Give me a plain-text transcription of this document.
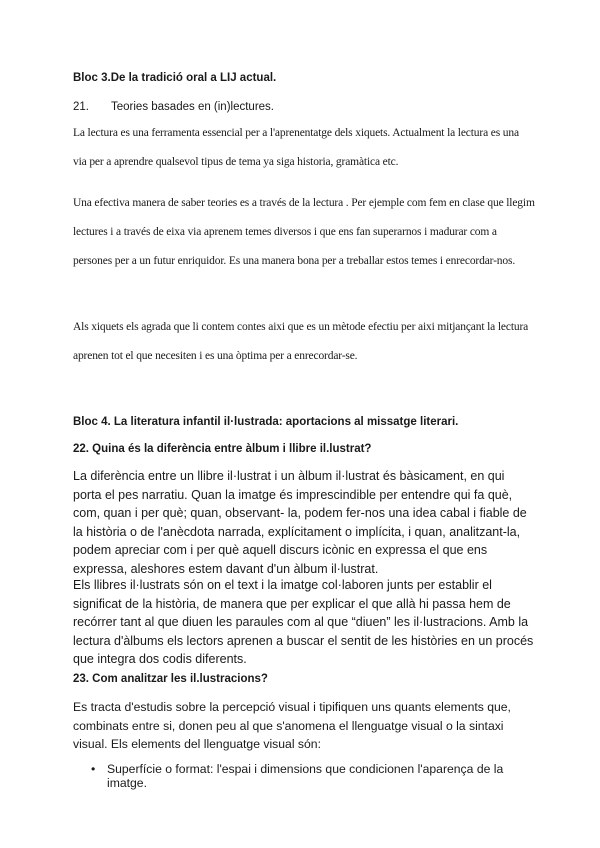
Bloc 3.De la tradició oral a LIJ actual.

21.	Teories basades en (in)lectures.

La lectura es una ferramenta essencial per a l'aprenentatge dels xiquets. Actualment la lectura es una via per a aprendre qualsevol tipus de tema ya siga historia, gramàtica etc.

Una efectiva manera de saber teories es a través de la lectura . Per ejemple com fem en clase que llegim lectures i a través de eixa via aprenem temes diversos i que ens fan superarnos i madurar com a persones per a un futur enriquidor. Es una manera bona per a treballar estos temes i enrecordar-nos.

Als xiquets els agrada que li contem contes aixi que es un mètode efectiu per aixi mitjançant la lectura aprenen tot el que necesiten i es una òptima per a enrecordar-se.

Bloc 4. La literatura infantil il·lustrada: aportacions al missatge literari.

22. Quina és la diferència entre àlbum i llibre il.lustrat?

La diferència entre un llibre il·lustrat i un àlbum il·lustrat és bàsicament, en qui porta el pes narratiu. Quan la imatge és imprescindible per entendre qui fa què, com, quan i per què; quan, observant- la, podem fer-nos una idea cabal i fiable de la història o de l'anècdota narrada, explícitament o implícita, i quan, analitzant-la, podem apreciar com i per què aquell discurs icònic en expressa el que ens expressa, aleshores estem davant d'un àlbum il·lustrat.

Els llibres il·lustrats són on el text i la imatge col·laboren junts per establir el significat de la història, de manera que per explicar el que allà hi passa hem de recórrer tant al que diuen les paraules com al que “diuen” les il·lustracions. Amb la lectura d'àlbums els lectors aprenen a buscar el sentit de les històries en un procés que integra dos codis diferents.

23. Com analitzar les il.lustracions?

Es tracta d'estudis sobre la percepció visual i tipifiquen uns quants elements que, combinats entre si, donen peu al que s'anomena el llenguatge visual o la sintaxi visual. Els elements del llenguatge visual són:

• Superfície o format: l'espai i dimensions que condicionen l'aparença de la imatge.
